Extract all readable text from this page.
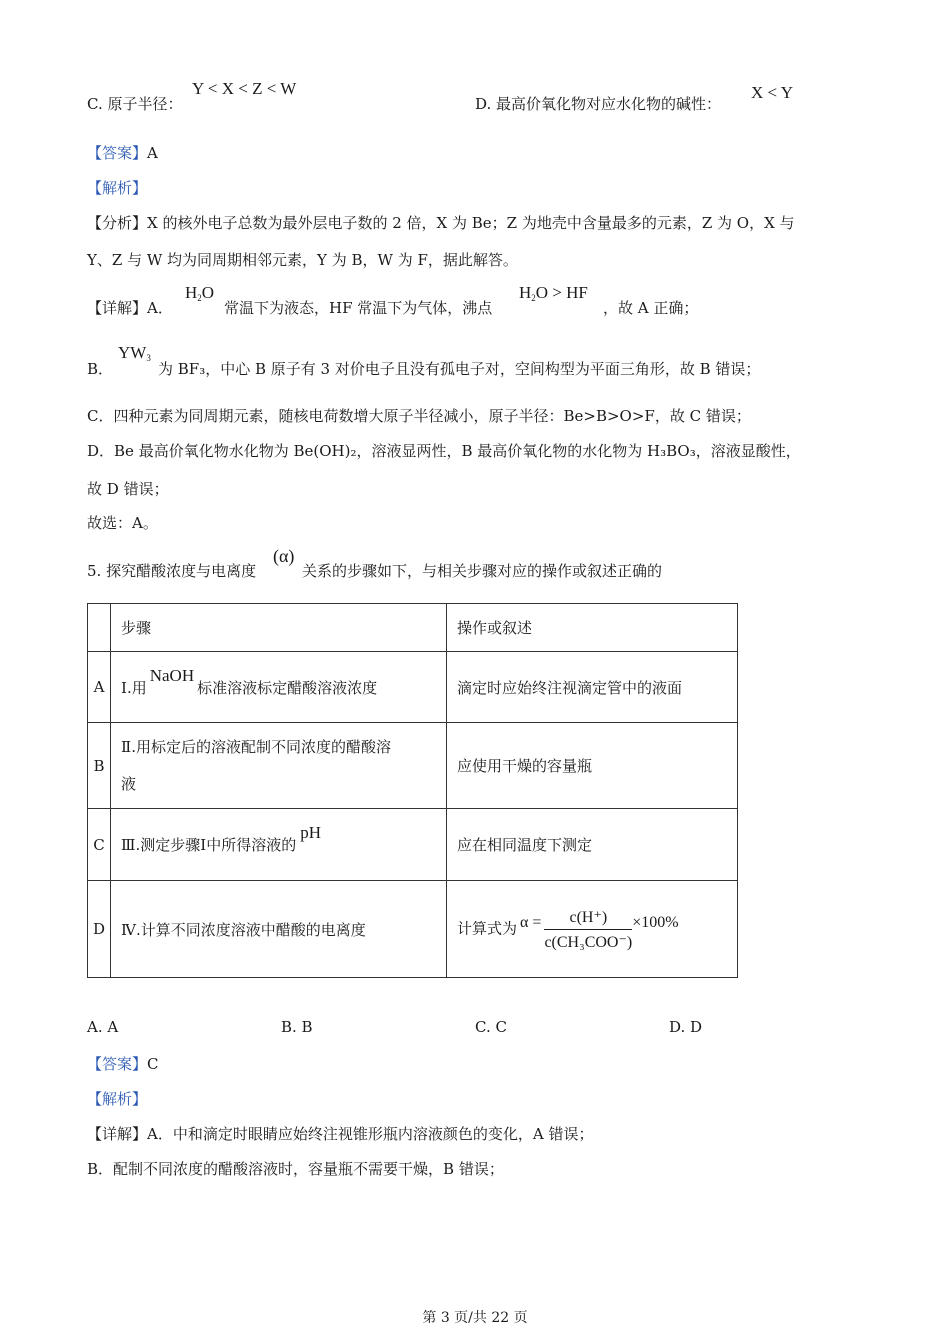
C. 原子半径：
Y < X < Z < W
D. 最高价氧化物对应水化物的碱性：
X < Y
【答案】A
【解析】
【分析】X 的核外电子总数为最外层电子数的 2 倍，X 为 Be；Z 为地壳中含量最多的元素，Z 为 O，X 与
Y、Z 与 W 均为同周期相邻元素，Y 为 B，W 为 F，据此解答。
【详解】A．
$H_2O$
常温下为液态，HF 常温下为气体，沸点
$H_2O$ > HF
，故 A 正确；
B．
$YW_3$
为 BF₃，中心 B 原子有 3 对价电子且没有孤电子对，空间构型为平面三角形，故 B 错误；
C．四种元素为同周期元素，随核电荷数增大原子半径减小，原子半径：Be>B>O>F，故 C 错误；
D．Be 最高价氧化物水化物为 Be(OH)₂，溶液显两性，B 最高价氧化物的水化物为 H₃BO₃，溶液显酸性，
故 D 错误；
故选：A。
5. 探究醋酸浓度与电离度
(α)
关系的步骤如下，与相关步骤对应的操作或叙述正确的
	步骤	操作或叙述
A	Ⅰ.用NaOH标准溶液标定醋酸溶液浓度	滴定时应始终注视滴定管中的液面
B	Ⅱ.用标定后的溶液配制不同浓度的醋酸溶
液	应使用干燥的容量瓶
C	Ⅲ.测定步骤Ⅰ中所得溶液的pH	应在相同温度下测定
D	Ⅳ.计算不同浓度溶液中醋酸的电离度	计算式为 $\alpha = \frac{c(H^+)}{\text{c(CH₃COO⁻)}} \times 100\%$
A. A	B. B	C. C	D. D
【答案】C
【解析】
【详解】A．中和滴定时眼睛应始终注视锥形瓶内溶液颜色的变化，A 错误；
B．配制不同浓度的醋酸溶液时，容量瓶不需要干燥，B 错误；
第 3 页/共 22 页
